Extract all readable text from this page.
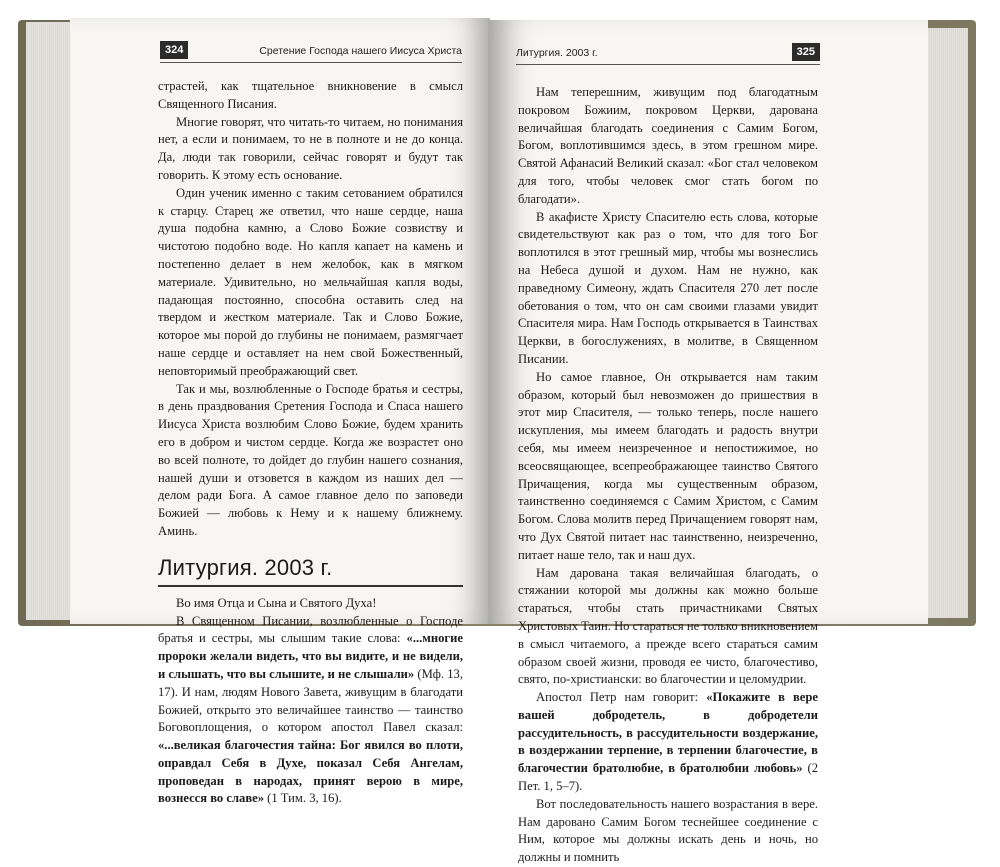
324	Сретение Господа нашего Иисуса Христа

страстей, как тщательное вникновение в смысл Священного Писания.

Многие говорят, что читать-то читаем, но понимания нет, а если и понимаем, то не в полноте и не до конца. Да, люди так говорили, сейчас говорят и будут так говорить. К этому есть основание.

Один ученик именно с таким сетованием обратился к старцу. Старец же ответил, что наше сердце, наша душа подобна камню, а Слово Божие созвиству и чистотою подобно воде. Но капля капает на камень и постепенно делает в нем желобок, как в мягком материале. Удивительно, но мельчайшая капля воды, падающая постоянно, способна оставить след на твердом и жестком материале. Так и Слово Божие, которое мы порой до глубины не понимаем, размягчает наше сердце и оставляет на нем свой Божественный, неповторимый преображающий свет.

Так и мы, возлюбленные о Господе братья и сестры, в день праздвования Сретения Господа и Спаса нашего Иисуса Христа возлюбим Слово Божие, будем хранить его в добром и чистом сердце. Когда же возрастет оно во всей полноте, то дойдет до глубин нашего сознания, нашей души и отзовется в каждом из наших дел — делом ради Бога. А самое главное дело по заповеди Божией — любовь к Нему и к нашему ближнему. Аминь.

Литургия. 2003 г.

Во имя Отца и Сына и Святого Духа!

В Священном Писании, возлюбленные о Господе братья и сестры, мы слышим такие слова: «...многие пророки желали видеть, что вы видите, и не видели, и слышать, что вы слышите, и не слышали» (Мф. 13, 17). И нам, людям Нового Завета, живущим в благодати Божией, открыто это величайшее таинство — таинство Боговоплощения, о котором апостол Павел сказал: «...великая благочестия тайна: Бог явился во плоти, оправдал Себя в Духе, показал Себя Ангелам, проповедан в народах, принят верою в мире, вознесся во славе» (1 Тим. 3, 16).

Литургия. 2003 г.	325

Нам теперешним, живущим под благодатным покровом Божиим, покровом Церкви, дарована величайшая благодать соединения с Самим Богом, Богом, воплотившимся здесь, в этом грешном мире. Святой Афанасий Великий сказал: «Бог стал человеком для того, чтобы человек смог стать богом по благодати».

В акафисте Христу Спасителю есть слова, которые свидетельствуют как раз о том, что для того Бог воплотился в этот грешный мир, чтобы мы вознеслись на Небеса душой и духом. Нам не нужно, как праведному Симеону, ждать Спасителя 270 лет после обетования о том, что он сам своими глазами увидит Спасителя мира. Нам Господь открывается в Таинствах Церкви, в богослужениях, в молитве, в Священном Писании.

Но самое главное, Он открывается нам таким образом, который был невозможен до пришествия в этот мир Спасителя, — только теперь, после нашего искупления, мы имеем благодать и радость внутри себя, мы имеем неизреченное и непостижимое, но всеосвящающее, всепреображающее таинство Святого Причащения, когда мы существенным образом, таинственно соединяемся с Самим Христом, с Самим Богом. Слова молитв перед Причащением говорят нам, что Дух Святой питает нас таинственно, неизреченно, питает наше тело, так и наш дух.

Нам дарована такая величайшая благодать, о стяжании которой мы должны как можно больше стараться, чтобы стать причастниками Святых Христовых Таин. Но стараться не только вникновением в смысл читаемого, а прежде всего стараться самим образом своей жизни, проводя ее чисто, благочестиво, свято, по-христиански: во благочестии и целомудрии.

Апостол Петр нам говорит: «Покажите в вере вашей добродетель, в добродетели рассудительность, в рассудительности воздержание, в воздержании терпение, в терпении благочестие, в благочестии братолюбие, в братолюбии любовь» (2 Пет. 1, 5–7).

Вот последовательность нашего возрастания в вере. Нам дарованo Самим Богом теснейшее соединение с Ним, которое мы должны искать день и ночь, но должны и помнить
